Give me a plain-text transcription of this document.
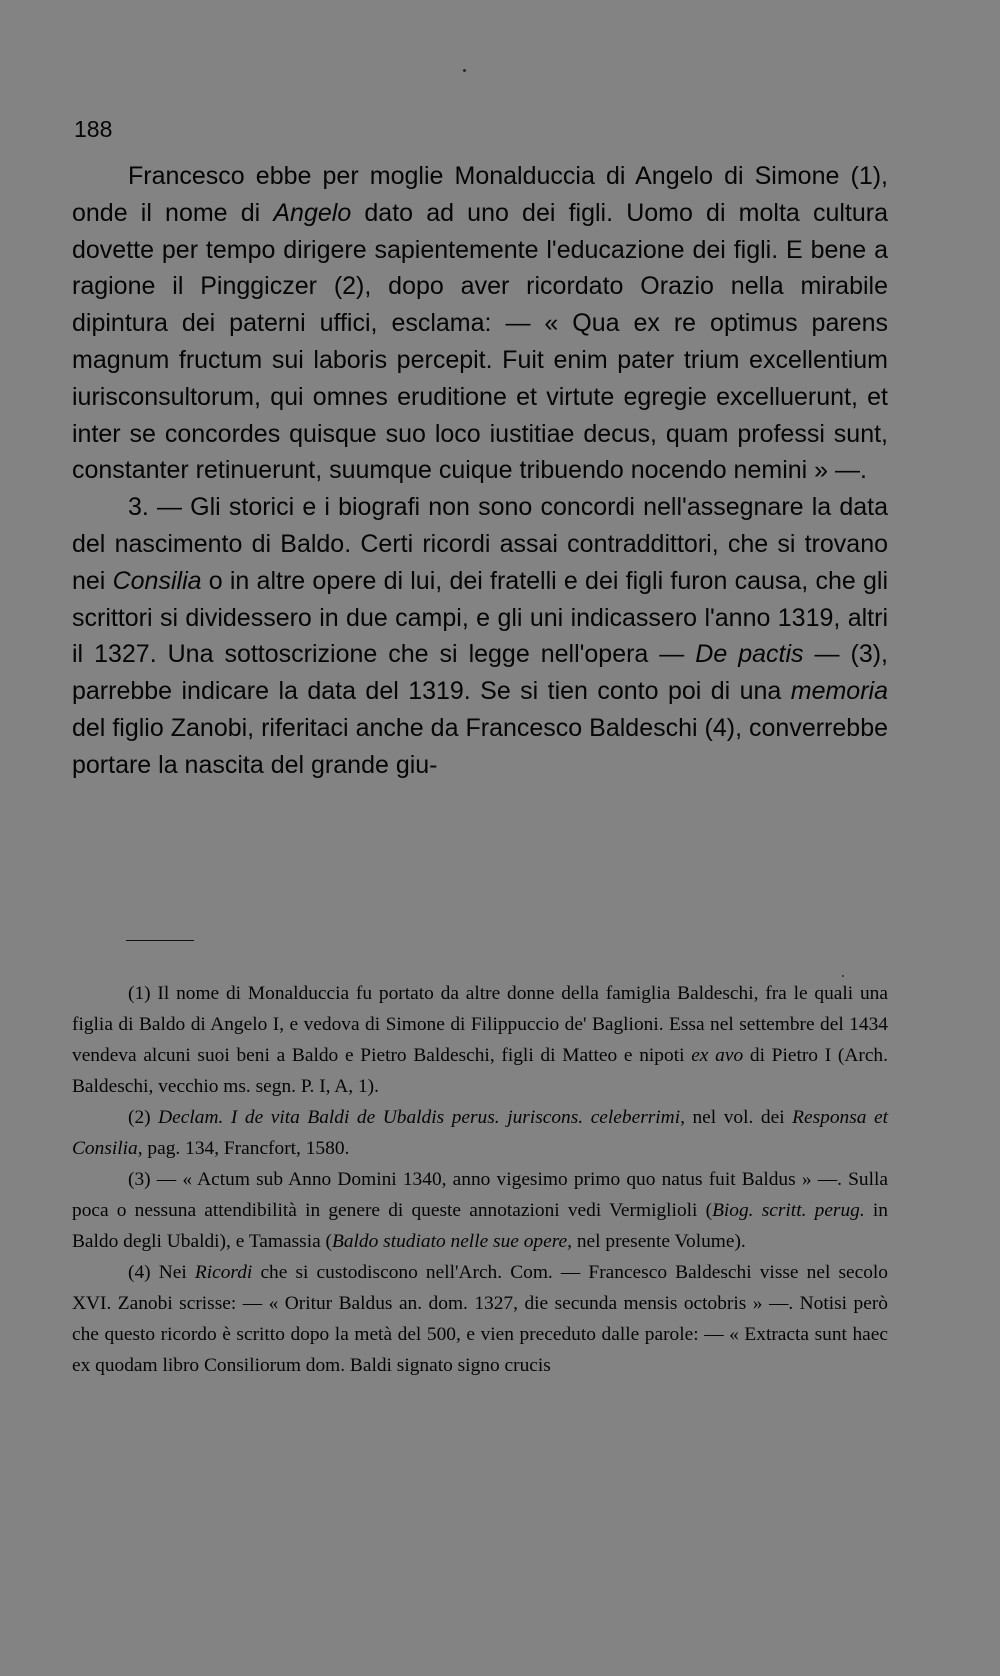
188

Francesco ebbe per moglie Monalduccia di Angelo di Simone (1), onde il nome di Angelo dato ad uno dei figli. Uomo di molta cultura dovette per tempo dirigere sapientemente l'educazione dei figli. E bene a ragione il Pinggiczer (2), dopo aver ricordato Orazio nella mirabile dipintura dei paterni uffici, esclama: — « Qua ex re optimus parens magnum fructum sui laboris percepit. Fuit enim pater trium excellentium iurisconsultorum, qui omnes eruditione et virtute egregie excelluerunt, et inter se concordes quisque suo loco iustitiae decus, quam professi sunt, constanter retinuerunt, suumque cuique tribuendo nocendo nemini » —.

3. — Gli storici e i biografi non sono concordi nell'assegnare la data del nascimento di Baldo. Certi ricordi assai contraddittori, che si trovano nei Consilia o in altre opere di lui, dei fratelli e dei figli furon causa, che gli scrittori si dividessero in due campi, e gli uni indicassero l'anno 1319, altri il 1327. Una sottoscrizione che si legge nell'opera — De pactis — (3), parrebbe indicare la data del 1319. Se si tien conto poi di una memoria del figlio Zanobi, riferitaci anche da Francesco Baldeschi (4), converrebbe portare la nascita del grande giu-

(1) Il nome di Monalduccia fu portato da altre donne della famiglia Baldeschi, fra le quali una figlia di Baldo di Angelo I, e vedova di Simone di Filippuccio de' Baglioni. Essa nel settembre del 1434 vendeva alcuni suoi beni a Baldo e Pietro Baldeschi, figli di Matteo e nipoti ex avo di Pietro I (Arch. Baldeschi, vecchio ms. segn. P. I, A, 1).

(2) Declam. I de vita Baldi de Ubaldis perus. juriscons. celeberrimi, nel vol. dei Responsa et Consilia, pag. 134, Francfort, 1580.

(3) — « Actum sub Anno Domini 1340, anno vigesimo primo quo natus fuit Baldus » —. Sulla poca o nessuna attendibilità in genere di queste annotazioni vedi Vermiglioli (Biog. scritt. perug. in Baldo degli Ubaldi), e Tamassia (Baldo studiato nelle sue opere, nel presente Volume).

(4) Nei Ricordi che si custodiscono nell'Arch. Com. — Francesco Baldeschi visse nel secolo XVI. Zanobi scrisse: — « Oritur Baldus an. dom. 1327, die secunda mensis octobris » —. Notisi però che questo ricordo è scritto dopo la metà del 500, e vien preceduto dalle parole: — « Extracta sunt haec ex quodam libro Consiliorum dom. Baldi signato signo crucis
